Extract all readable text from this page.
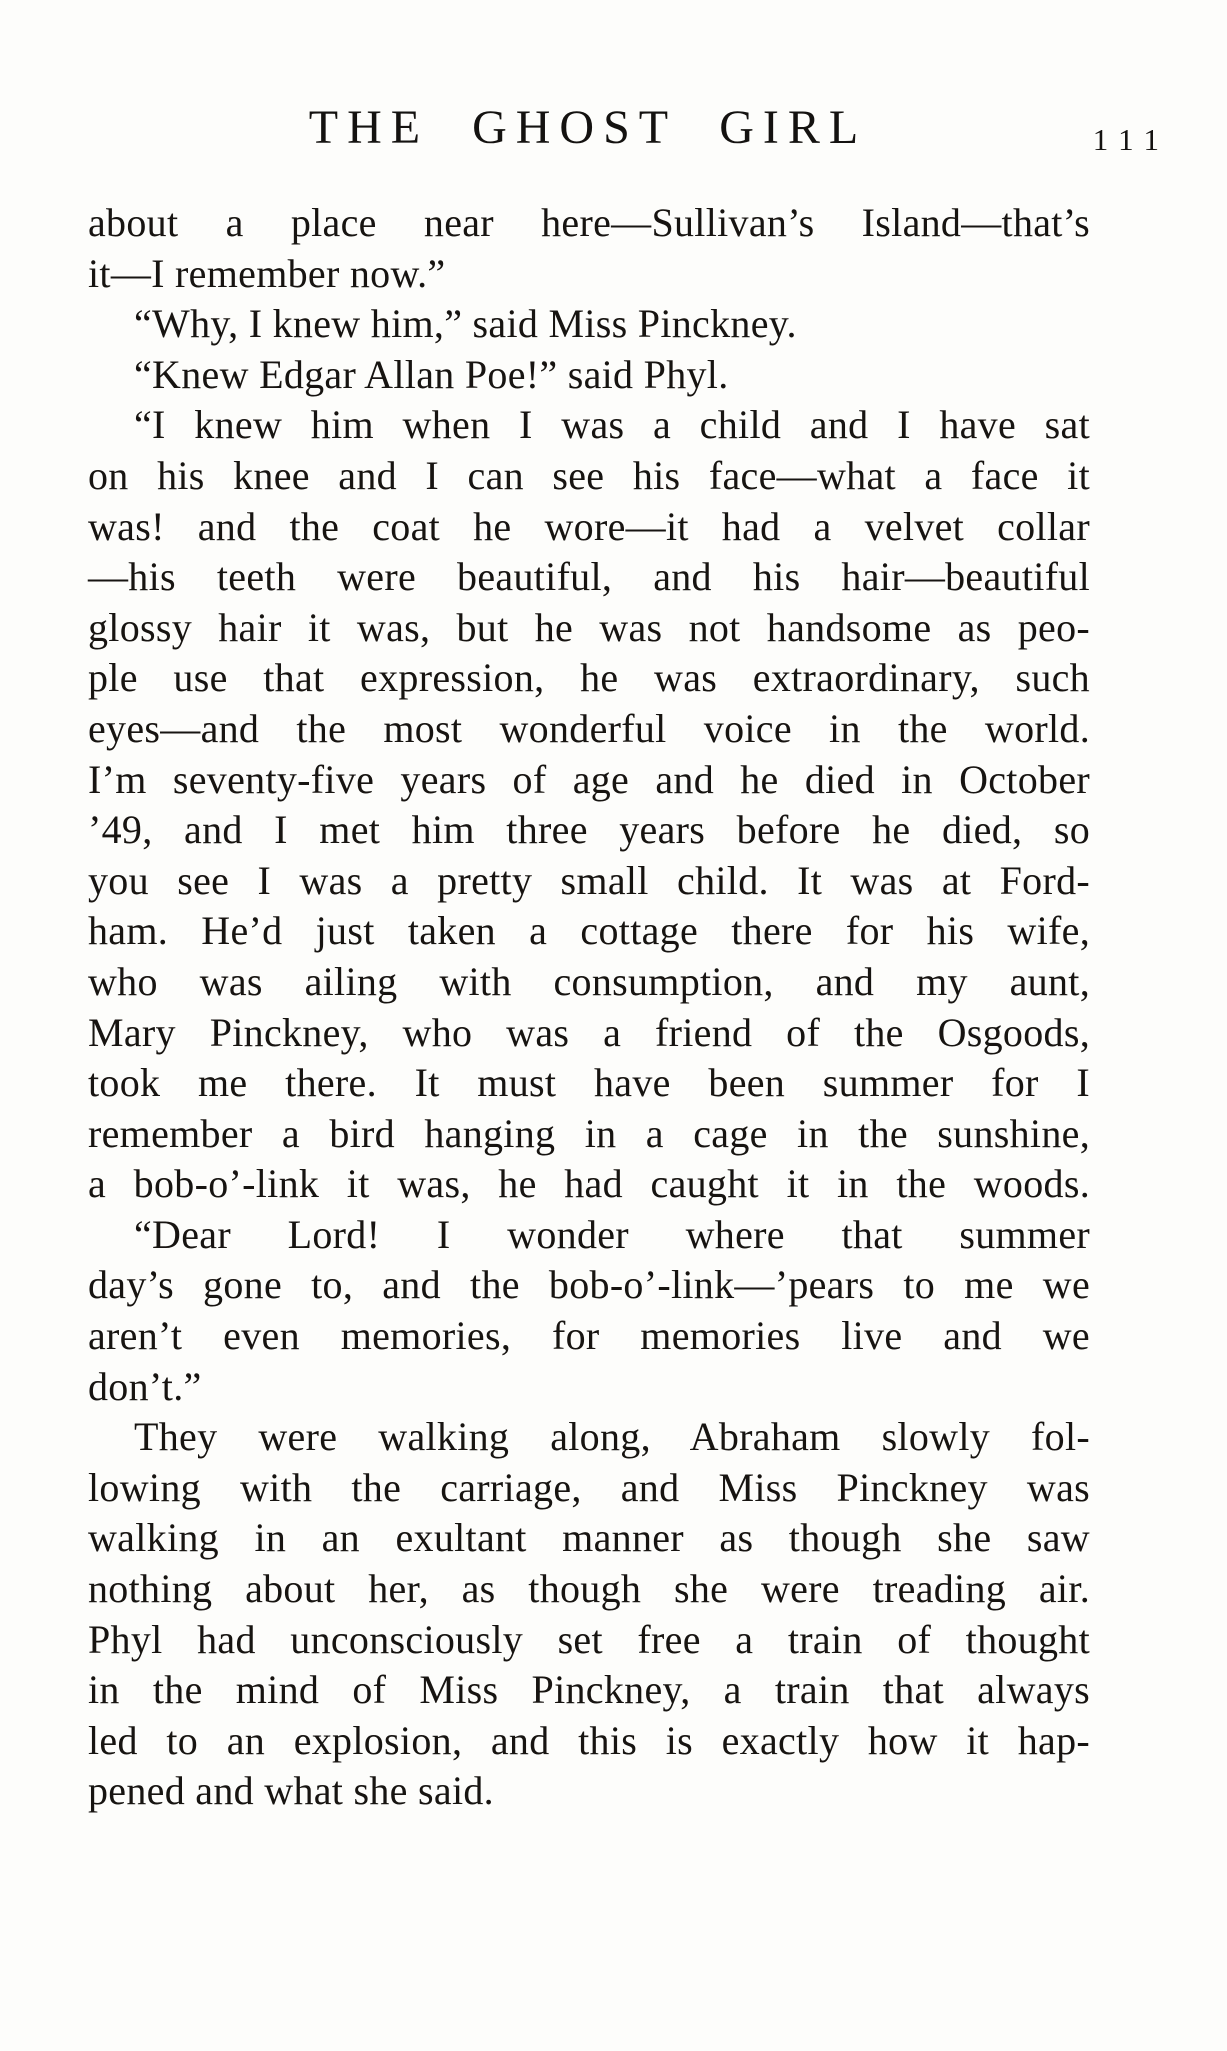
THE GHOST GIRL	111
about a place near here—Sullivan’s Island—that’s
it—I remember now.”
“Why, I knew him,” said Miss Pinckney.
“Knew Edgar Allan Poe!” said Phyl.
“I knew him when I was a child and I have sat
on his knee and I can see his face—what a face it
was! and the coat he wore—it had a velvet collar
—his teeth were beautiful, and his hair—beautiful
glossy hair it was, but he was not handsome as peo-
ple use that expression, he was extraordinary, such
eyes—and the most wonderful voice in the world.
I’m seventy-five years of age and he died in October
’49, and I met him three years before he died, so
you see I was a pretty small child. It was at Ford-
ham. He’d just taken a cottage there for his wife,
who was ailing with consumption, and my aunt,
Mary Pinckney, who was a friend of the Osgoods,
took me there. It must have been summer for I
remember a bird hanging in a cage in the sunshine,
a bob-o’-link it was, he had caught it in the woods.
“Dear Lord! I wonder where that summer
day’s gone to, and the bob-o’-link—’pears to me we
aren’t even memories, for memories live and we
don’t.”
They were walking along, Abraham slowly fol-
lowing with the carriage, and Miss Pinckney was
walking in an exultant manner as though she saw
nothing about her, as though she were treading air.
Phyl had unconsciously set free a train of thought
in the mind of Miss Pinckney, a train that always
led to an explosion, and this is exactly how it hap-
pened and what she said.
